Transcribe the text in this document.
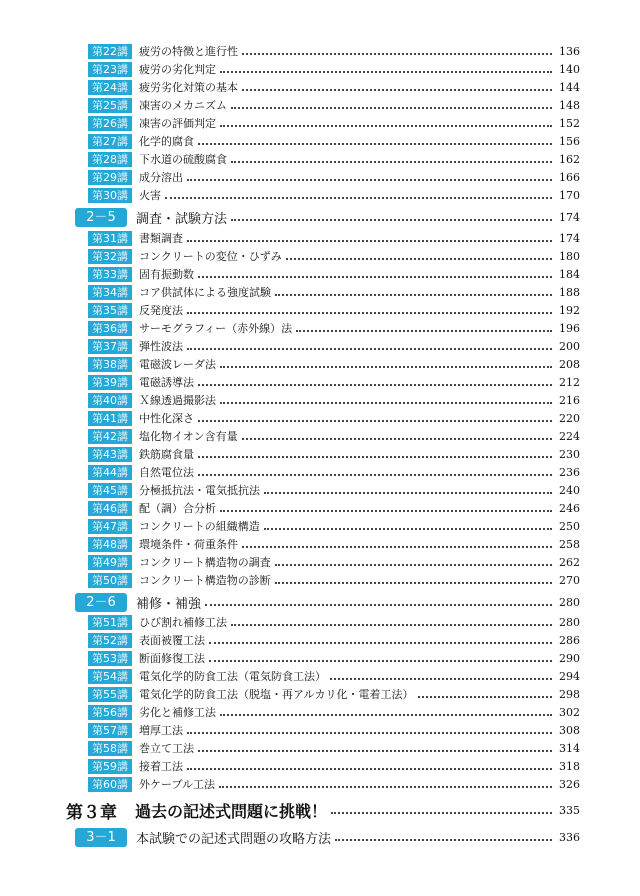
第22講	疲労の特徴と進行性	136
第23講	疲労の劣化判定	140
第24講	疲労劣化対策の基本	144
第25講	凍害のメカニズム	148
第26講	凍害の評価判定	152
第27講	化学的腐食	156
第28講	下水道の硫酸腐食	162
第29講	成分溶出	166
第30講	火害	170
2－5	調査・試験方法	174
第31講	書類調査	174
第32講	コンクリートの変位・ひずみ	180
第33講	固有振動数	184
第34講	コア供試体による強度試験	188
第35講	反発度法	192
第36講	サーモグラフィー（赤外線）法	196
第37講	弾性波法	200
第38講	電磁波レーダ法	208
第39講	電磁誘導法	212
第40講	Ｘ線透過撮影法	216
第41講	中性化深さ	220
第42講	塩化物イオン含有量	224
第43講	鉄筋腐食量	230
第44講	自然電位法	236
第45講	分極抵抗法・電気抵抗法	240
第46講	配（調）合分析	246
第47講	コンクリートの組織構造	250
第48講	環境条件・荷重条件	258
第49講	コンクリート構造物の調査	262
第50講	コンクリート構造物の診断	270
2－6	補修・補強	280
第51講	ひび割れ補修工法	280
第52講	表面被覆工法	286
第53講	断面修復工法	290
第54講	電気化学的防食工法（電気防食工法）	294
第55講	電気化学的防食工法（脱塩・再アルカリ化・電着工法）	298
第56講	劣化と補修工法	302
第57講	増厚工法	308
第58講	巻立て工法	314
第59講	接着工法	318
第60講	外ケーブル工法	326
第３章 過去の記述式問題に挑戦！	335
3－1	本試験での記述式問題の攻略方法	336
